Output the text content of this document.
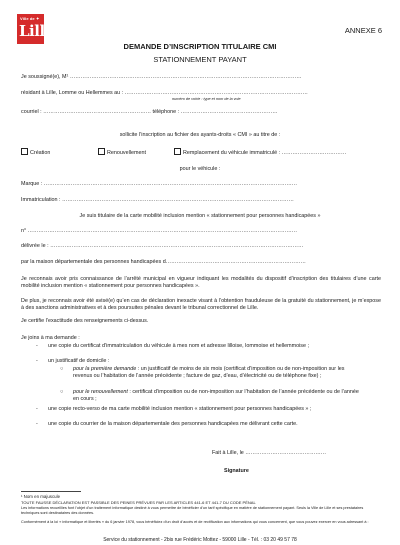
Ville de ✦
Lille	ANNEXE 6
DEMANDE D’INSCRIPTION TITULAIRE CMI
STATIONNEMENT PAYANT
Je soussigné(e), M¹ …………………………………………………………………………………………………………………
résidant à Lille, Lomme ou Hellemmes au : …………………………………………………………………………………………
numéro de voirie : type et nom de la voie
courriel : …………………………………………………… téléphone : ………………………………………………
sollicite l’inscription au fichier des ayants-droits « CMI » au titre de :
Création	Renouvellement	Remplacement du véhicule immatriculé : ………………………………
pour le véhicule :
Marque : ……………………………………………………………………………………………………………………………
Immatriculation : …………………………………………………………………………………………………………………
Je suis titulaire de la carte mobilité inclusion mention « stationnement pour personnes handicapées »
n° ……………………………………………………………………………………………………………………………………
délivrée le : ……………………………………………………………………………………………………………………………
par la maison départementale des personnes handicapées d……………………………………………………………………
Je reconnais avoir pris connaissance de l’arrêté municipal en vigueur indiquant les modalités du dispositif d’inscription des titulaires d’une carte mobilité inclusion mention « stationnement pour personnes handicapées ».
De plus, je reconnais avoir été avisé(e) qu’en cas de déclaration inexacte visant à l’obtention frauduleuse de la gratuité du stationnement, je m’expose à des sanctions administratives et à des poursuites pénales devant le tribunal correctionnel de Lille.
Je certifie l’exactitude des renseignements ci-dessus.
Je joins à ma demande :
- une copie du certificat d’immatriculation du véhicule à mes nom et adresse lilloise, lommoise et hellemmoise ;
- un justificatif de domicile :
○ pour la première demande : un justificatif de moins de six mois (certificat d’imposition ou de non-imposition sur les revenus ou l’habitation de l’année précédente ; facture de gaz, d’eau, d’électricité ou de téléphone fixe) ;
○ pour le renouvellement : certificat d’imposition ou de non-imposition sur l’habitation de l’année précédente ou de l’année en cours ;
- une copie recto-verso de ma carte mobilité inclusion mention « stationnement pour personnes handicapées » ;
- une copie du courrier de la maison départementale des personnes handicapées me délivrant cette carte.
Fait à Lille, le ………………………………………
Signature
¹ Nom en majuscule
TOUTE FAUSSE DÉCLARATION EST PASSIBLE DES PEINES PRÉVUES PAR LES ARTICLES 441-6 ET 441-7 DU CODE PÉNAL
Les informations recueillies font l’objet d’un traitement informatique destiné à vous permettre de bénéficier d’un tarif spécifique en matière de stationnement payant. Seuls la Ville de Lille et ses prestataires techniques sont destinataires des données.
Conformément à la loi « informatique et libertés » du 6 janvier 1978, vous bénéficiez d’un droit d’accès et de rectification aux informations qui vous concernent, que vous pouvez exercer en vous adressant à :
Service du stationnement - 2bis rue Frédéric Mottez - 59000 Lille - Tél. : 03 20 49 57 78
